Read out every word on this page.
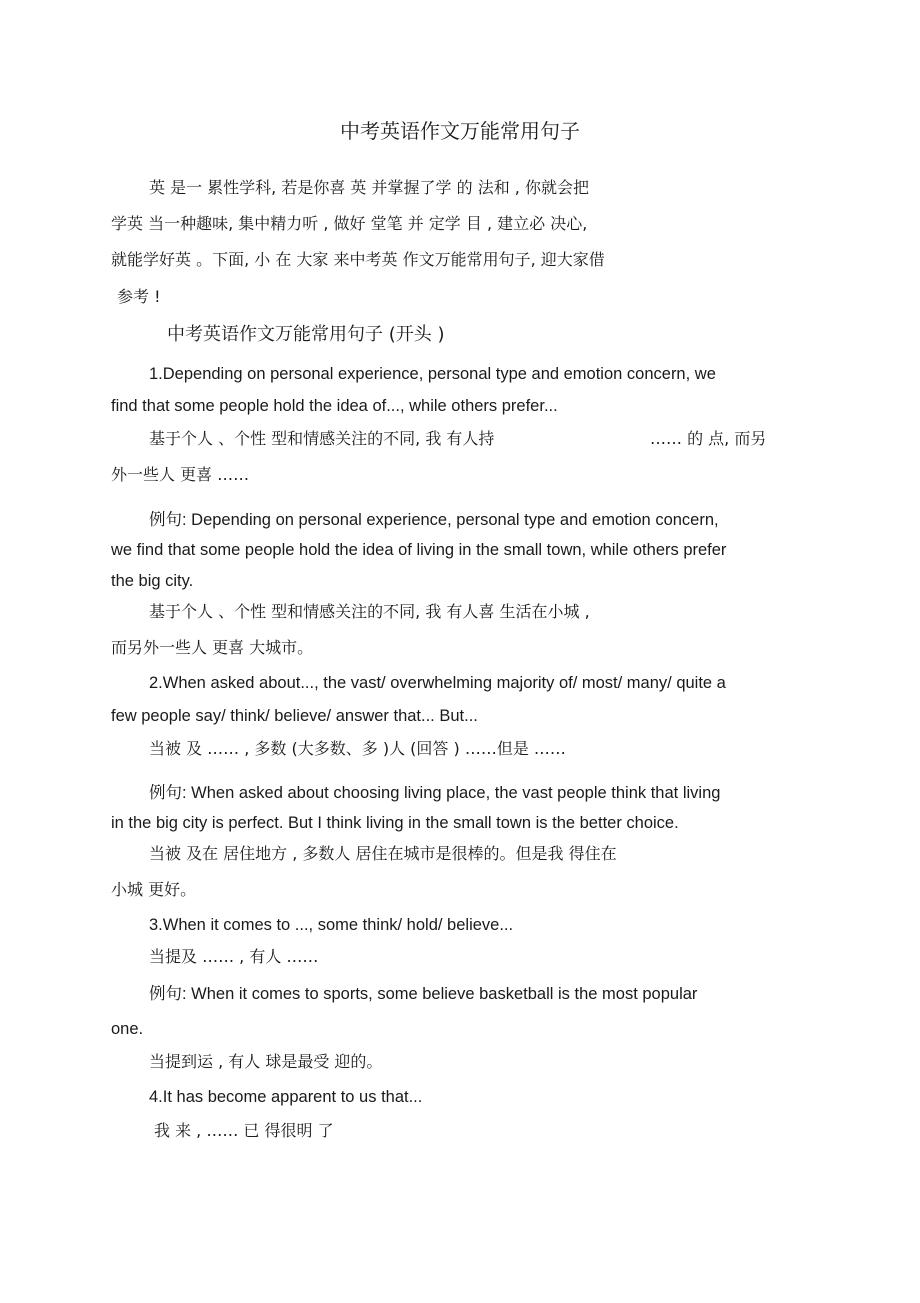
中考英语作文万能常用句子

英 是一 累性学科, 若是你喜 英 并掌握了学 的 法和 , 你就会把

学英 当一种趣味, 集中精力听 , 做好 堂笔 并 定学 目 , 建立必 决心,

就能学好英 。下面, 小 在 大家 来中考英 作文万能常用句子, 迎大家借

参考 !

中考英语作文万能常用句子 (开头 )

1.Depending on personal experience, personal type and emotion concern, we

find that some people hold the idea of..., while others prefer...

基于个人 、个性 型和情感关注的不同, 我 有人持	…… 的 点, 而另

外一些人 更喜 ……

例句: Depending on personal experience, personal type and emotion concern,

we find that some people hold the idea of living in the small town, while others prefer

the big city.

基于个人 、个性 型和情感关注的不同, 我 有人喜 生活在小城 ,

而另外一些人 更喜 大城市。

2.When asked about..., the vast/ overwhelming majority of/ most/ many/ quite a

few people say/ think/ believe/ answer that... But...

当被 及 …… , 多数 (大多数、多 )人 (回答 ) ……但是 ……

例句: When asked about choosing living place, the vast people think that living

in the big city is perfect. But I think living in the small town is the better choice.

当被 及在 居住地方 , 多数人 居住在城市是很棒的。但是我 得住在

小城 更好。

3.When it comes to ..., some think/ hold/ believe...

当提及 …… , 有人 ……

例句: When it comes to sports, some believe basketball is the most popular

one.

当提到运 , 有人 球是最受 迎的。

4.It has become apparent to us that...

我 来 , …… 已 得很明 了
